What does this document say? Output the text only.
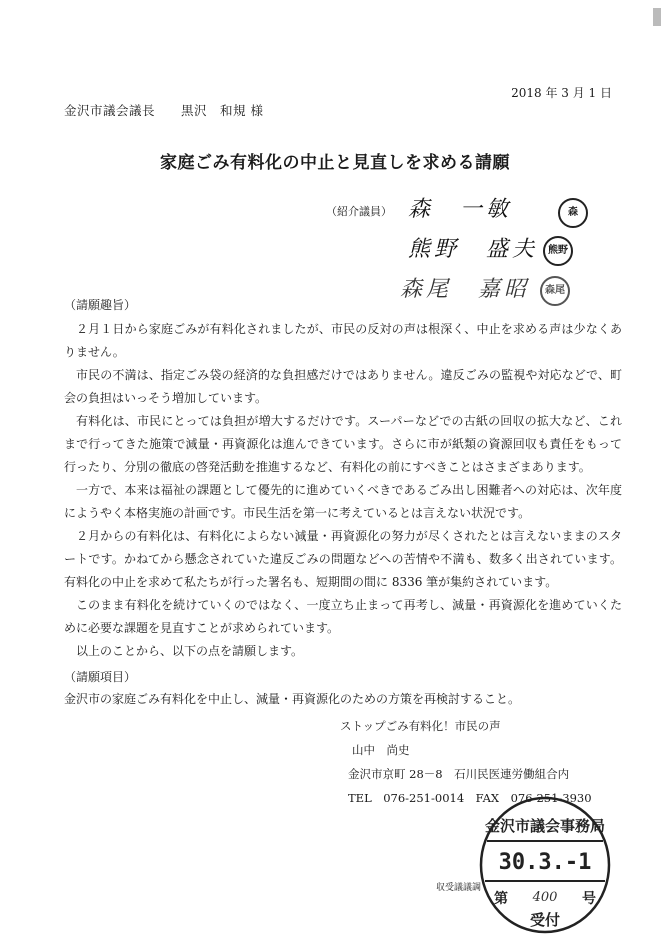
2018 年 3 月 1 日
金沢市議会議長　　黒沢　和規 様
家庭ごみ有料化の中止と見直しを求める請願
（紹介議員） 森　一敏	森
熊野　盛夫 熊野
森尾　嘉昭	森尾
（請願趣旨）
２月１日から家庭ごみが有料化されましたが、市民の反対の声は根深く、中止を求める声は少なくありません。
市民の不満は、指定ごみ袋の経済的な負担感だけではありません。違反ごみの監視や対応などで、町会の負担はいっそう増加しています。
有料化は、市民にとっては負担が増大するだけです。スーパーなどでの古紙の回収の拡大など、これまで行ってきた施策で減量・再資源化は進んできています。さらに市が紙類の資源回収も責任をもって行ったり、分別の徹底の啓発活動を推進するなど、有料化の前にすべきことはさまざまあります。
一方で、本来は福祉の課題として優先的に進めていくべきであるごみ出し困難者への対応は、次年度にようやく本格実施の計画です。市民生活を第一に考えているとは言えない状況です。
２月からの有料化は、有料化によらない減量・再資源化の努力が尽くされたとは言えないままのスタートです。かねてから懸念されていた違反ごみの問題などへの苦情や不満も、数多く出されています。有料化の中止を求めて私たちが行った署名も、短期間の間に 8336 筆が集約されています。
このまま有料化を続けていくのではなく、一度立ち止まって再考し、減量・再資源化を進めていくために必要な課題を見直すことが求められています。
以上のことから、以下の点を請願します。
（請願項目）
金沢市の家庭ごみ有料化を中止し、減量・再資源化のための方策を再検討すること。
ストップごみ有料化！市民の声
山中　尚史
金沢市京町 28－8　石川民医連労働組合内
TEL　076-251-0014　FAX　076-251-3930
収受議議調
金沢市議会事務局
30.3.-1
第 400 号
受付
